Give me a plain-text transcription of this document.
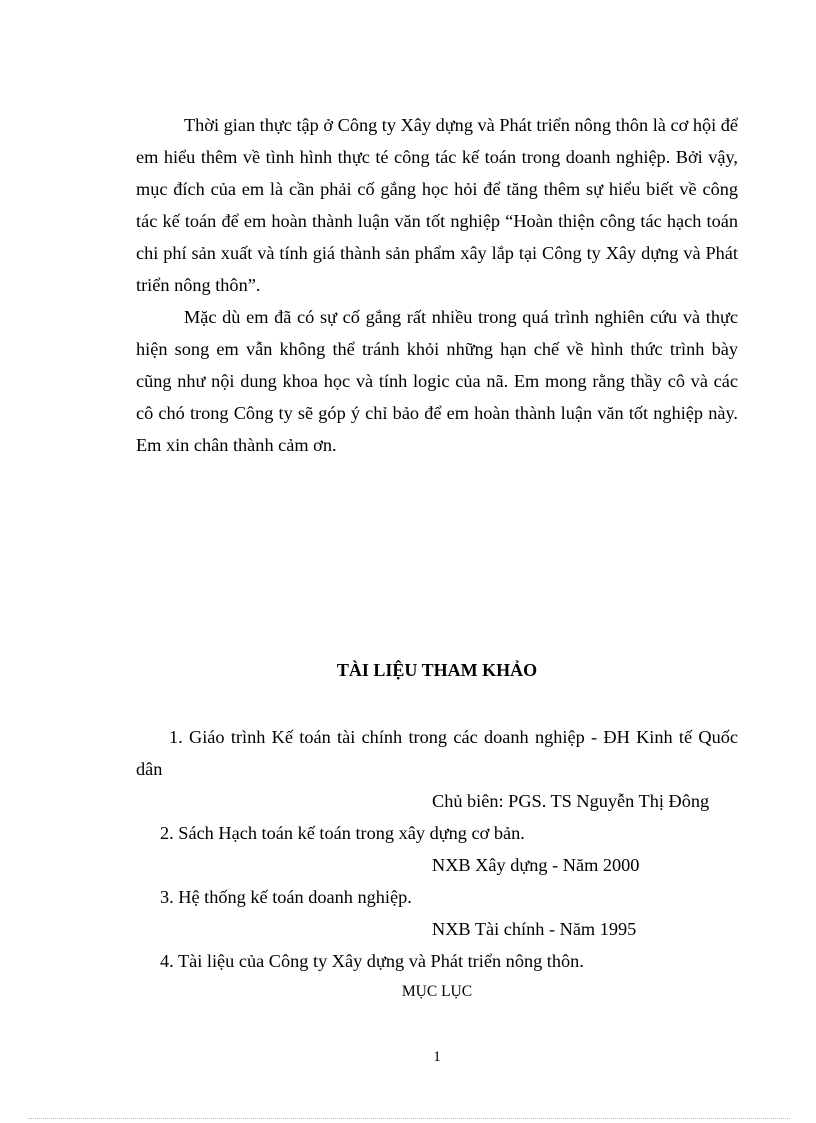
Thời gian thực tập ở Công ty Xây dựng và Phát triển nông thôn là cơ hội để em hiểu thêm về tình hình thực té công tác kế toán trong doanh nghiệp. Bởi vậy, mục đích của em là cần phải cố gắng học hỏi để tăng thêm sự hiểu biết về công tác kế toán để em hoàn thành luận văn tốt nghiệp “Hoàn thiện công tác hạch toán chi phí sản xuất và tính giá thành sản phẩm xây lắp tại Công ty Xây dựng và Phát triển nông thôn”.

Mặc dù em đã có sự cố gắng rất nhiều trong quá trình nghiên cứu và thực hiện song em vẫn không thể tránh khỏi những hạn chế về hình thức trình bày cũng như nội dung khoa học và tính logic của nã. Em mong rằng thầy cô và các cô chó trong Công ty sẽ góp ý chỉ bảo để em hoàn thành luận văn tốt nghiệp này. Em xin chân thành cảm ơn.

TÀI LIỆU THAM KHẢO

1. Giáo trình Kế toán tài chính trong các doanh nghiệp - ĐH Kinh tế Quốc dân

Chủ biên: PGS. TS Nguyễn Thị Đông

2. Sách Hạch toán kế toán trong xây dựng cơ bản.

NXB Xây dựng - Năm 2000

3. Hệ thống kế toán doanh nghiệp.

NXB Tài chính - Năm 1995

4. Tài liệu của Công ty Xây dựng và Phát triển nông thôn.

MỤC LỤC

1
